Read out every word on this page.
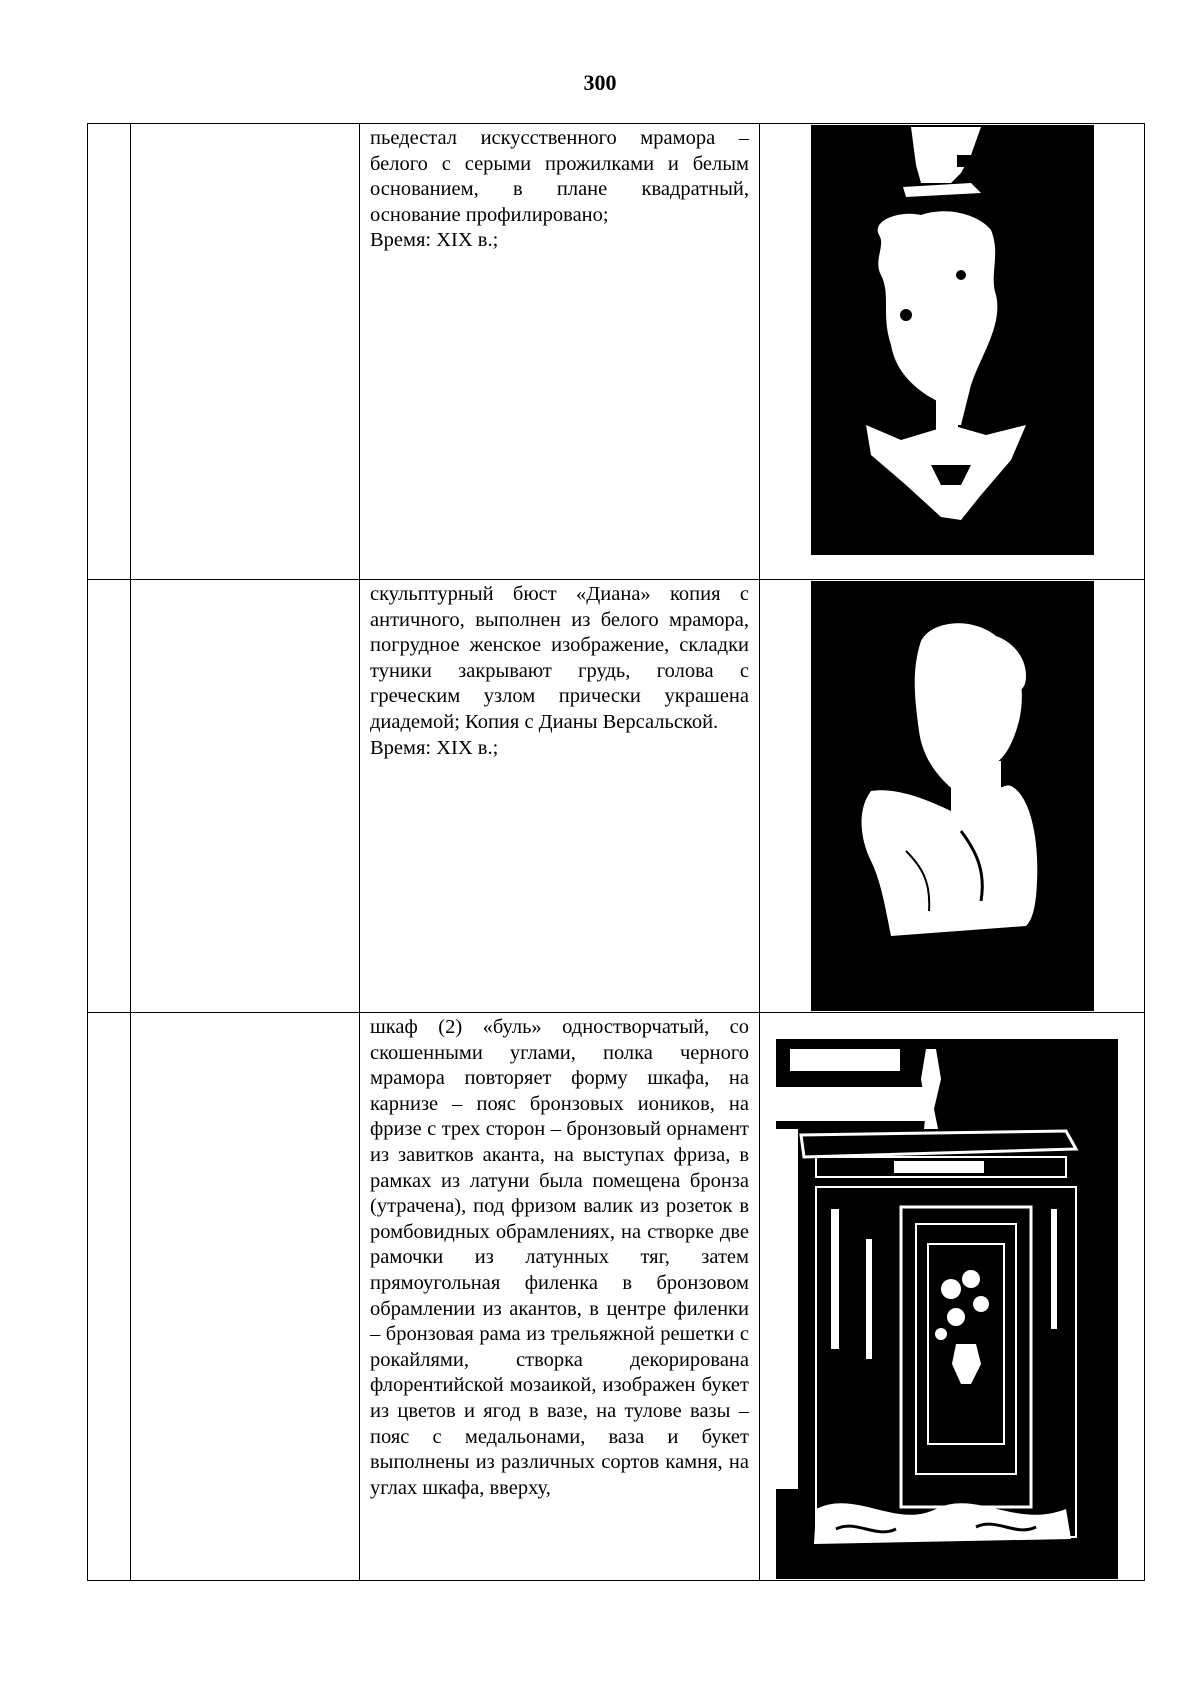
300

		пьедестал искусственного мрамора – белого с серыми прожилками и белым основанием, в плане квадратный, основание профилировано;
Время: XIX в.;

		скульптурный бюст «Диана» копия с античного, выполнен из белого мрамора, погрудное женское изображение, складки туники закрывают грудь, голова с греческим узлом прически украшена диадемой; Копия с Дианы Версальской.
Время: XIX в.;

		шкаф (2) «буль» одностворчатый, со скошенными углами, полка черного мрамора повторяет форму шкафа, на карнизе – пояс бронзовых иоников, на фризе с трех сторон – бронзовый орнамент из завитков аканта, на выступах фриза, в рамках из латуни была помещена бронза (утрачена), под фризом валик из розеток в ромбовидных обрамлениях, на створке две рамочки из латунных тяг, затем прямоугольная филенка в бронзовом обрамлении из акантов, в центре филенки – бронзовая рама из трельяжной решетки с рокайлями, створка декорирована флорентийской мозаикой, изображен букет из цветов и ягод в вазе, на тулове вазы – пояс с медальонами, ваза и букет выполнены из различных сортов камня, на углах шкафа, вверху,
